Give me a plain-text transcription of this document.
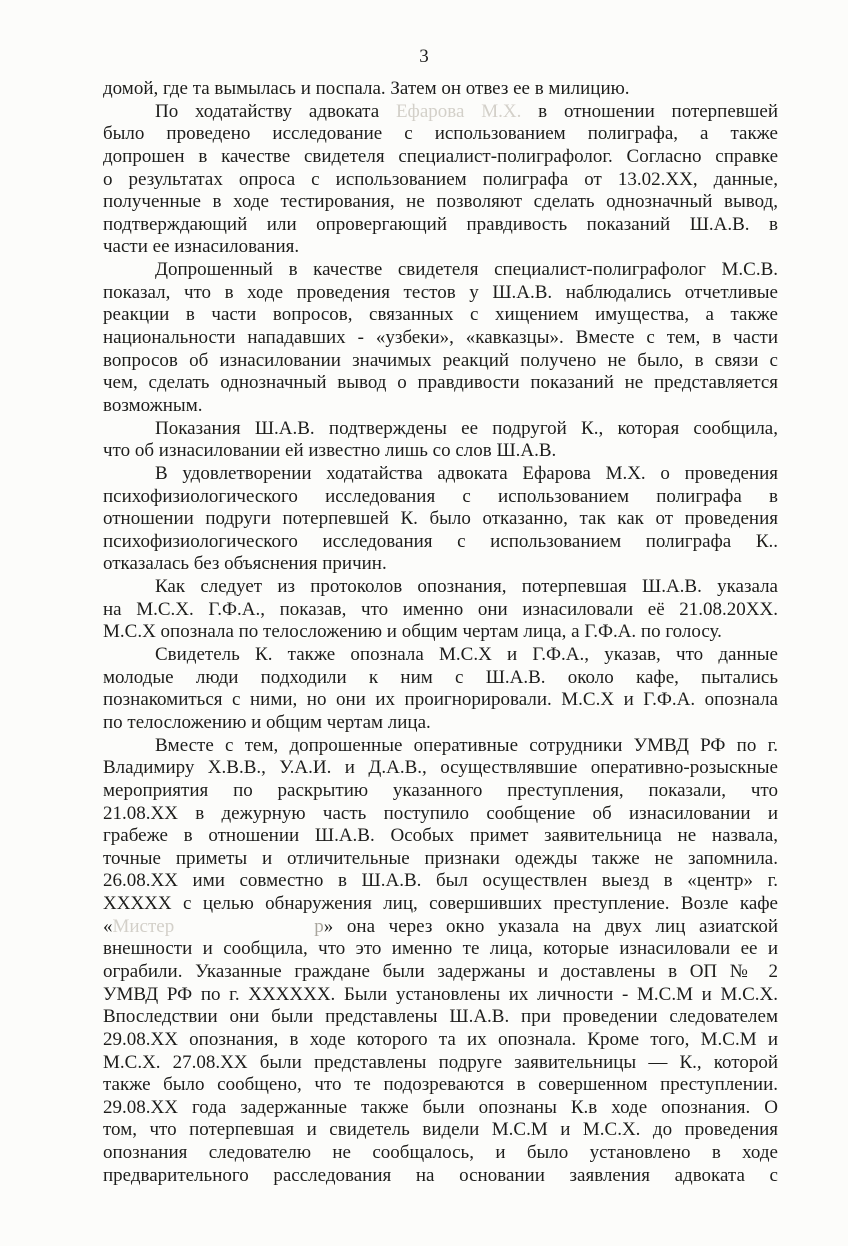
3
домой, где та вымылась и поспала. Затем он отвез ее в милицию.
По ходатайству адвоката Ефарова М.Х. в отношении потерпевшей
было проведено исследование с использованием полиграфа, а также
допрошен в качестве свидетеля специалист-полиграфолог. Согласно справке
о результатах опроса с использованием полиграфа от 13.02.ХХ, данные,
полученные в ходе тестирования, не позволяют сделать однозначный вывод,
подтверждающий или опровергающий правдивость показаний Ш.А.В. в
части ее изнасилования.
Допрошенный в качестве свидетеля специалист-полиграфолог М.С.В.
показал, что в ходе проведения тестов у Ш.А.В. наблюдались отчетливые
реакции в части вопросов, связанных с хищением имущества, а также
национальности нападавших - «узбеки», «кавказцы». Вместе с тем, в части
вопросов об изнасиловании значимых реакций получено не было, в связи с
чем, сделать однозначный вывод о правдивости показаний не представляется
возможным.
Показания Ш.А.В. подтверждены ее подругой К., которая сообщила,
что об изнасиловании ей известно лишь со слов Ш.А.В.
В удовлетворении ходатайства адвоката Ефарова М.Х. о проведения
психофизиологического исследования с использованием полиграфа в
отношении подруги потерпевшей К. было отказанно, так как от проведения
психофизиологического исследования с использованием полиграфа К..
отказалась без объяснения причин.
Как следует из протоколов опознания, потерпевшая Ш.А.В. указала
на М.С.Х. Г.Ф.А., показав, что именно они изнасиловали её 21.08.20ХХ.
М.С.Х опознала по телосложению и общим чертам лица, а Г.Ф.А. по голосу.
Свидетель К. также опознала М.С.Х и Г.Ф.А., указав, что данные
молодые люди подходили к ним с Ш.А.В. около кафе, пытались
познакомиться с ними, но они их проигнорировали. М.С.Х и Г.Ф.А. опознала
по телосложению и общим чертам лица.
Вместе с тем, допрошенные оперативные сотрудники УМВД РФ по г.
Владимиру Х.В.В., У.А.И. и Д.А.В., осуществлявшие оперативно-розыскные
мероприятия по раскрытию указанного преступления, показали, что
21.08.ХХ в дежурную часть поступило сообщение об изнасиловании и
грабеже в отношении Ш.А.В. Особых примет заявительница не назвала,
точные приметы и отличительные признаки одежды также не запомнила.
26.08.ХХ ими совместно в Ш.А.В. был осуществлен выезд в «центр» г.
ХХХХХ с целью обнаружения лиц, совершивших преступление. Возле кафе
«Мистер	р» она через окно указала на двух лиц азиатской
внешности и сообщила, что это именно те лица, которые изнасиловали ее и
ограбили. Указанные граждане были задержаны и доставлены в ОП № 2
УМВД РФ по г. ХХХХХХ. Были установлены их личности - М.С.М и М.С.Х.
Впоследствии они были представлены Ш.А.В. при проведении следователем
29.08.ХХ опознания, в ходе которого та их опознала. Кроме того, М.С.М и
М.С.Х. 27.08.ХХ были представлены подруге заявительницы — К., которой
также было сообщено, что те подозреваются в совершенном преступлении.
29.08.ХХ года задержанные также были опознаны К.в ходе опознания. О
том, что потерпевшая и свидетель видели М.С.М и М.С.Х. до проведения
опознания следователю не сообщалось, и было установлено в ходе
предварительного расследования на основании заявления адвоката с
